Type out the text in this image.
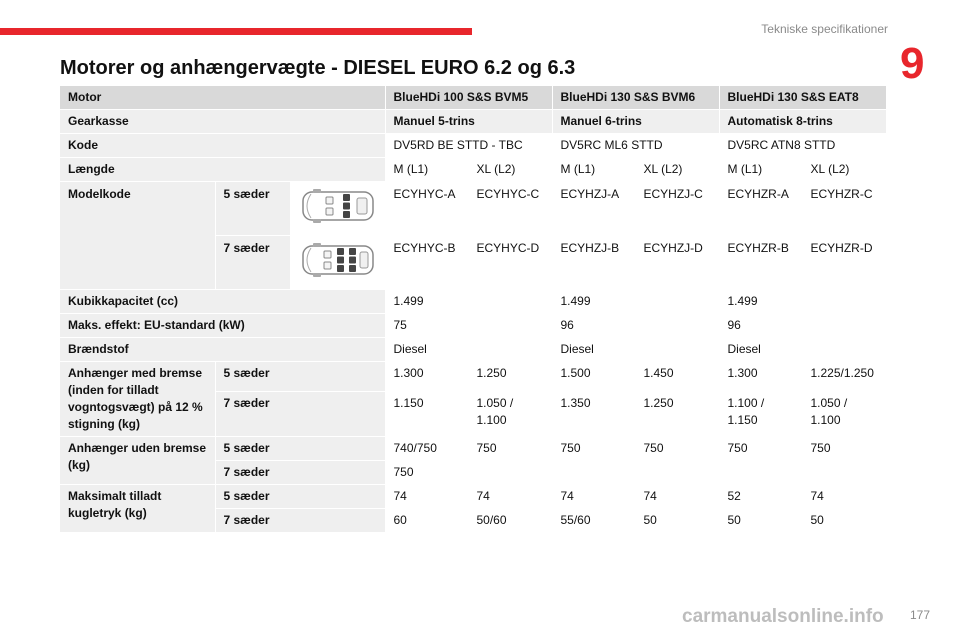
Tekniske specifikationer
9
Motorer og anhængervægte - DIESEL EURO 6.2 og 6.3
Motor			BlueHDi 100 S&S BVM5		BlueHDi 130 S&S BVM6		BlueHDi 130 S&S EAT8	
Gearkasse			Manuel 5-trins		Manuel 6-trins		Automatisk 8-trins	
Kode			DV5RD BE STTD - TBC		DV5RC ML6 STTD		DV5RC ATN8 STTD	
Længde			M (L1)	XL (L2)	M (L1)	XL (L2)	M (L1)	XL (L2)
Modelkode	5 sæder		ECYHYC-A	ECYHYC-C	ECYHZJ-A	ECYHZJ-C	ECYHZR-A	ECYHZR-C
	7 sæder		ECYHYC-B	ECYHYC-D	ECYHZJ-B	ECYHZJ-D	ECYHZR-B	ECYHZR-D
Kubikkapacitet (cc)			1.499		1.499		1.499	
Maks. effekt: EU-standard (kW)			75		96		96	
Brændstof			Diesel		Diesel		Diesel	
Anhænger med bremse (inden for tilladt vogntogsvægt) på 12 % stigning (kg)	5 sæder		1.300	1.250	1.500	1.450	1.300	1.225/1.250
	7 sæder		1.150	1.050 / 1.100	1.350	1.250	1.100 / 1.150	1.050 / 1.100
Anhænger uden bremse (kg)	5 sæder		740/750	750	750	750	750	750
	7 sæder		750					
Maksimalt tilladt kugletryk (kg)	5 sæder		74	74	74	74	52	74
	7 sæder		60	50/60	55/60	50	50	50
carmanualsonline.info 177
